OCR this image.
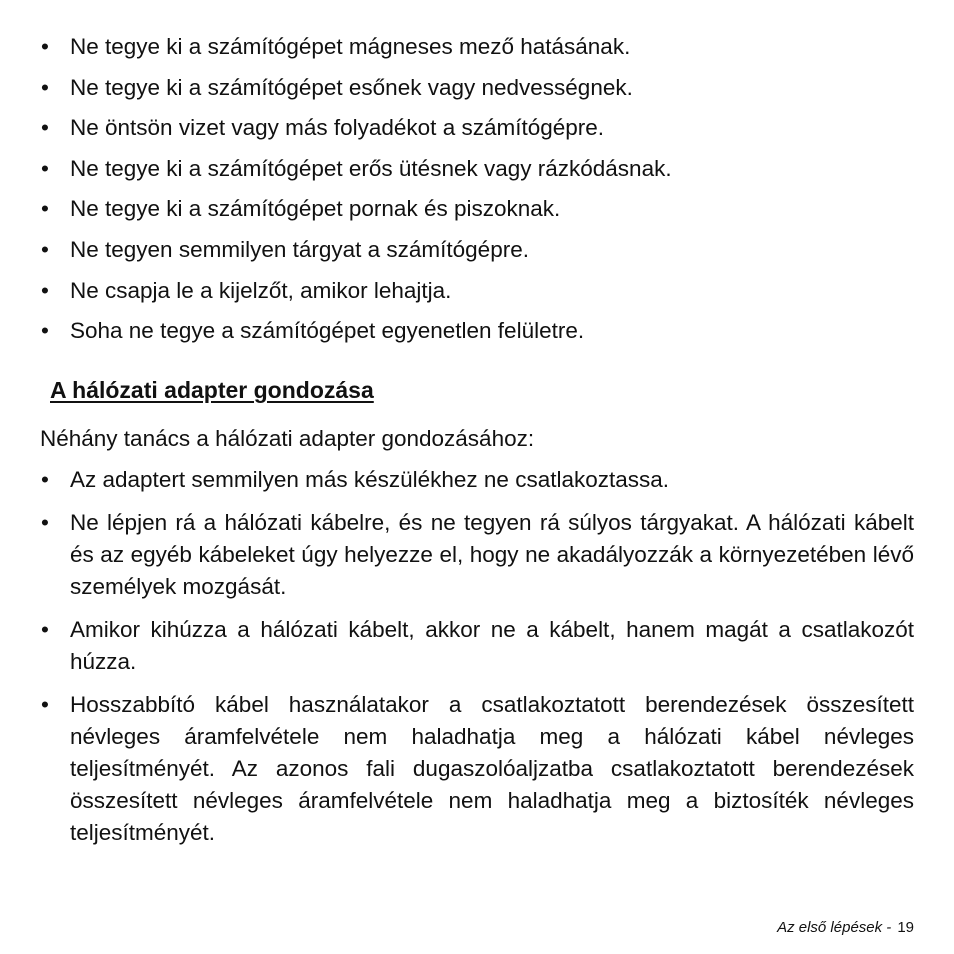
• Ne tegye ki a számítógépet mágneses mező hatásának.
• Ne tegye ki a számítógépet esőnek vagy nedvességnek.
• Ne öntsön vizet vagy más folyadékot a számítógépre.
• Ne tegye ki a számítógépet erős ütésnek vagy rázkódásnak.
• Ne tegye ki a számítógépet pornak és piszoknak.
• Ne tegyen semmilyen tárgyat a számítógépre.
• Ne csapja le a kijelzőt, amikor lehajtja.
• Soha ne tegye a számítógépet egyenetlen felületre.
A hálózati adapter gondozása
Néhány tanács a hálózati adapter gondozásához:
• Az adaptert semmilyen más készülékhez ne csatlakoztassa.
• Ne lépjen rá a hálózati kábelre, és ne tegyen rá súlyos tárgyakat. A hálózati kábelt és az egyéb kábeleket úgy helyezze el, hogy ne akadályozzák a környezetében lévő személyek mozgását.
• Amikor kihúzza a hálózati kábelt, akkor ne a kábelt, hanem magát a csatlakozót húzza.
• Hosszabbító kábel használatakor a csatlakoztatott berendezések összesített névleges áramfelvétele nem haladhatja meg a hálózati kábel névleges teljesítményét. Az azonos fali dugaszolóaljzatba csatlakoztatott berendezések összesített névleges áramfelvétele nem haladhatja meg a biztosíték névleges teljesítményét.
Az első lépések - 19
